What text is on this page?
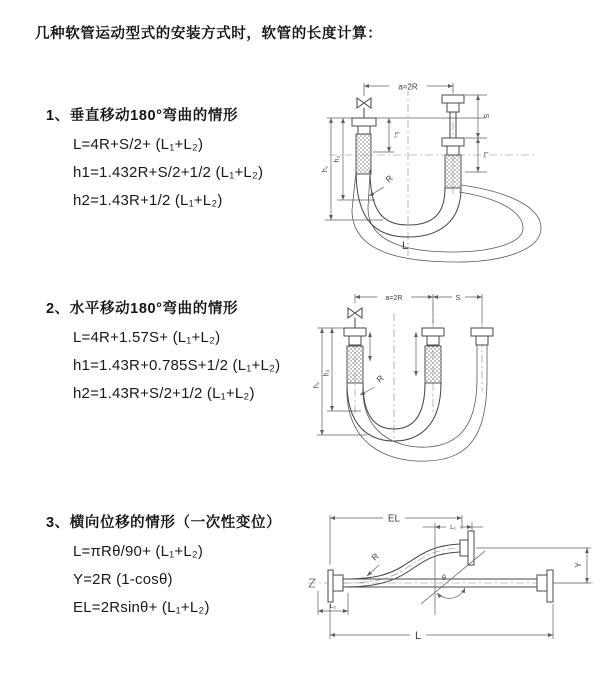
几种软管运动型式的安装方式时，软管的长度计算：
1、垂直移动180°弯曲的情形
L=4R+S/2+ (L₁+L₂)
h1=1.432R+S/2+1/2 (L₁+L₂)
h2=1.43R+1/2 (L₁+L₂)
a=2R
S
L₂
L₁
h₁
h₂
R
L
2、水平移动180°弯曲的情形
L=4R+1.57S+ (L₁+L₂)
h1=1.43R+0.785S+1/2 (L₁+L₂)
h2=1.43R+S/2+1/2 (L₁+L₂)
a=2R	S
h₁
h₂	R
3、横向位移的情形（一次性变位）
L=πRθ/90+ (L₁+L₂)
Y=2R (1-cosθ)
EL=2Rsinθ+ (L₁+L₂)
EL
L₁
Y
R
θ
L
L₂
